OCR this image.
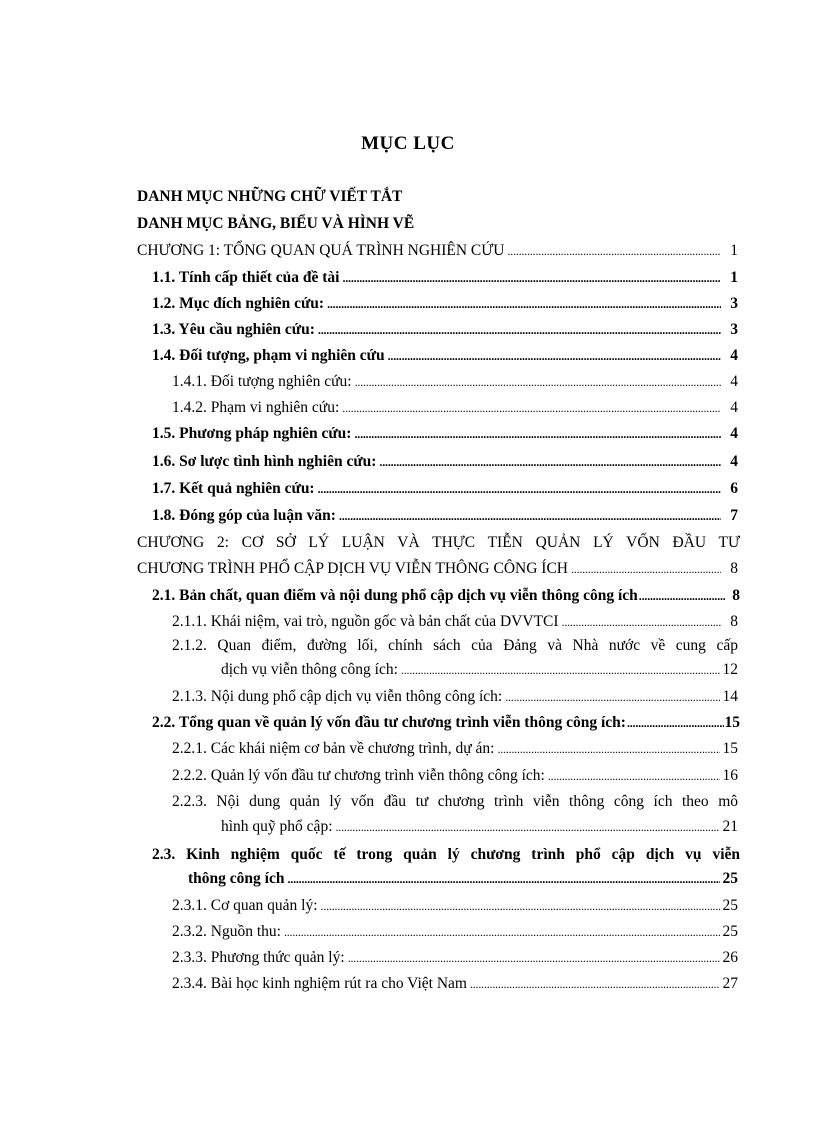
MỤC LỤC
DANH MỤC NHỮNG CHỮ VIẾT TẮT
DANH MỤC BẢNG, BIỂU VÀ HÌNH VẼ
CHƯƠNG 1: TỔNG QUAN QUÁ TRÌNH NGHIÊN CỨU . . .	1
1.1. Tính cấp thiết của đề tài . . .	1
1.2. Mục đích nghiên cứu: . . .	3
1.3. Yêu cầu nghiên cứu: . . .	3
1.4. Đối tượng, phạm vi nghiên cứu . . .	4
1.4.1. Đối tượng nghiên cứu: . . .	4
1.4.2. Phạm vi nghiên cứu: . . .	4
1.5. Phương pháp nghiên cứu: . . .	4
1.6. Sơ lược tình hình nghiên cứu: . . .	4
1.7. Kết quả nghiên cứu: . . .	6
1.8. Đóng góp của luận văn: . . .	7
CHƯƠNG 2: CƠ SỞ LÝ LUẬN VÀ THỰC TIỄN QUẢN LÝ VỐN ĐẦU TƯ
CHƯƠNG TRÌNH PHỔ CẬP DỊCH VỤ VIỄN THÔNG CÔNG ÍCH . . .	8
2.1. Bản chất, quan điểm và nội dung phổ cập dịch vụ viễn thông công ích . . .	8
2.1.1. Khái niệm, vai trò, nguồn gốc và bản chất của DVVTCI . . .	8
2.1.2. Quan điểm, đường lối, chính sách của Đảng và Nhà nước về cung cấp
dịch vụ viễn thông công ích: . . .	12
2.1.3. Nội dung phổ cập dịch vụ viễn thông công ích: . . .	14
2.2. Tổng quan về quản lý vốn đầu tư chương trình viễn thông công ích: . . .	15
2.2.1. Các khái niệm cơ bản về chương trình, dự án: . . .	15
2.2.2. Quản lý vốn đầu tư chương trình viễn thông công ích: . . .	16
2.2.3. Nội dung quản lý vốn đầu tư chương trình viễn thông công ích theo mô
hình quỹ phổ cập: . . .	21
2.3. Kinh nghiệm quốc tế trong quản lý chương trình phổ cập dịch vụ viễn
thông công ích . . .	25
2.3.1. Cơ quan quản lý: . . .	25
2.3.2. Nguồn thu: . . .	25
2.3.3. Phương thức quản lý: . . .	26
2.3.4. Bài học kinh nghiệm rút ra cho Việt Nam . . .	27
